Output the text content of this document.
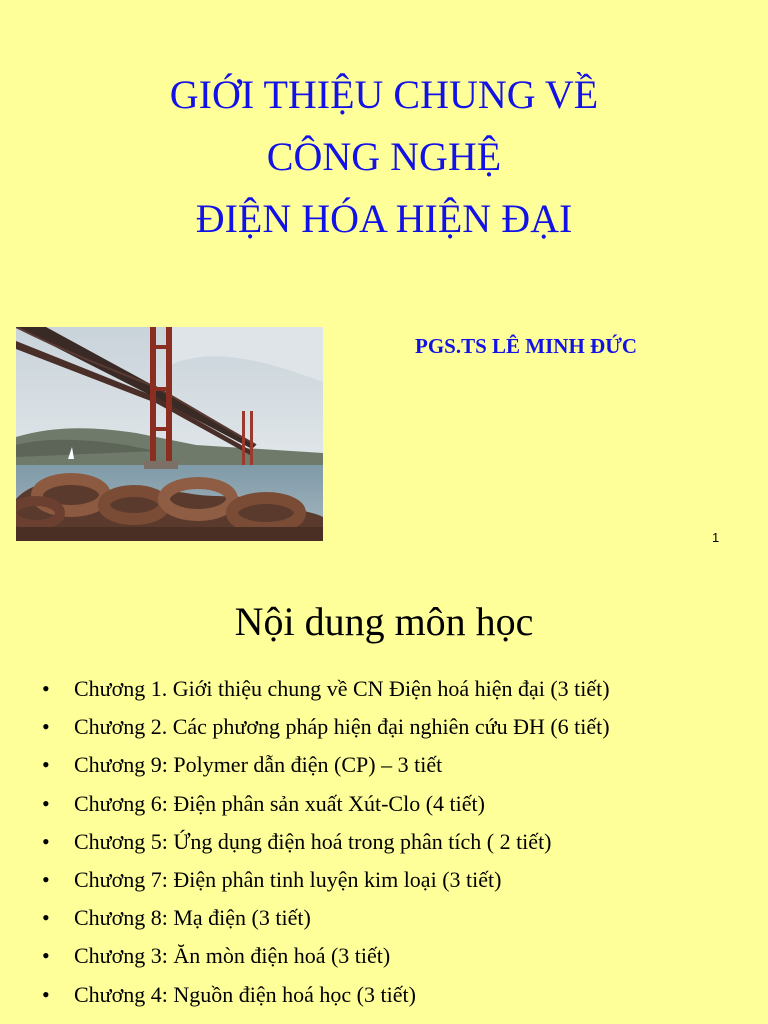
GIỚI THIỆU CHUNG VỀ
CÔNG NGHỆ
ĐIỆN HÓA HIỆN ĐẠI
PGS.TS LÊ MINH ĐỨC
1
Nội dung môn học
• Chương 1. Giới thiệu chung về CN Điện hoá hiện đại (3 tiết)
• Chương 2. Các phương pháp hiện đại nghiên cứu ĐH (6 tiết)
• Chương 9: Polymer dẫn điện (CP) – 3 tiết
• Chương 6: Điện phân sản xuất Xút-Clo (4 tiết)
• Chương 5: Ứng dụng điện hoá trong phân tích ( 2 tiết)
• Chương 7: Điện phân tinh luyện kim loại (3 tiết)
• Chương 8: Mạ điện (3 tiết)
• Chương 3: Ăn mòn điện hoá (3 tiết)
• Chương 4: Nguồn điện hoá học (3 tiết)
